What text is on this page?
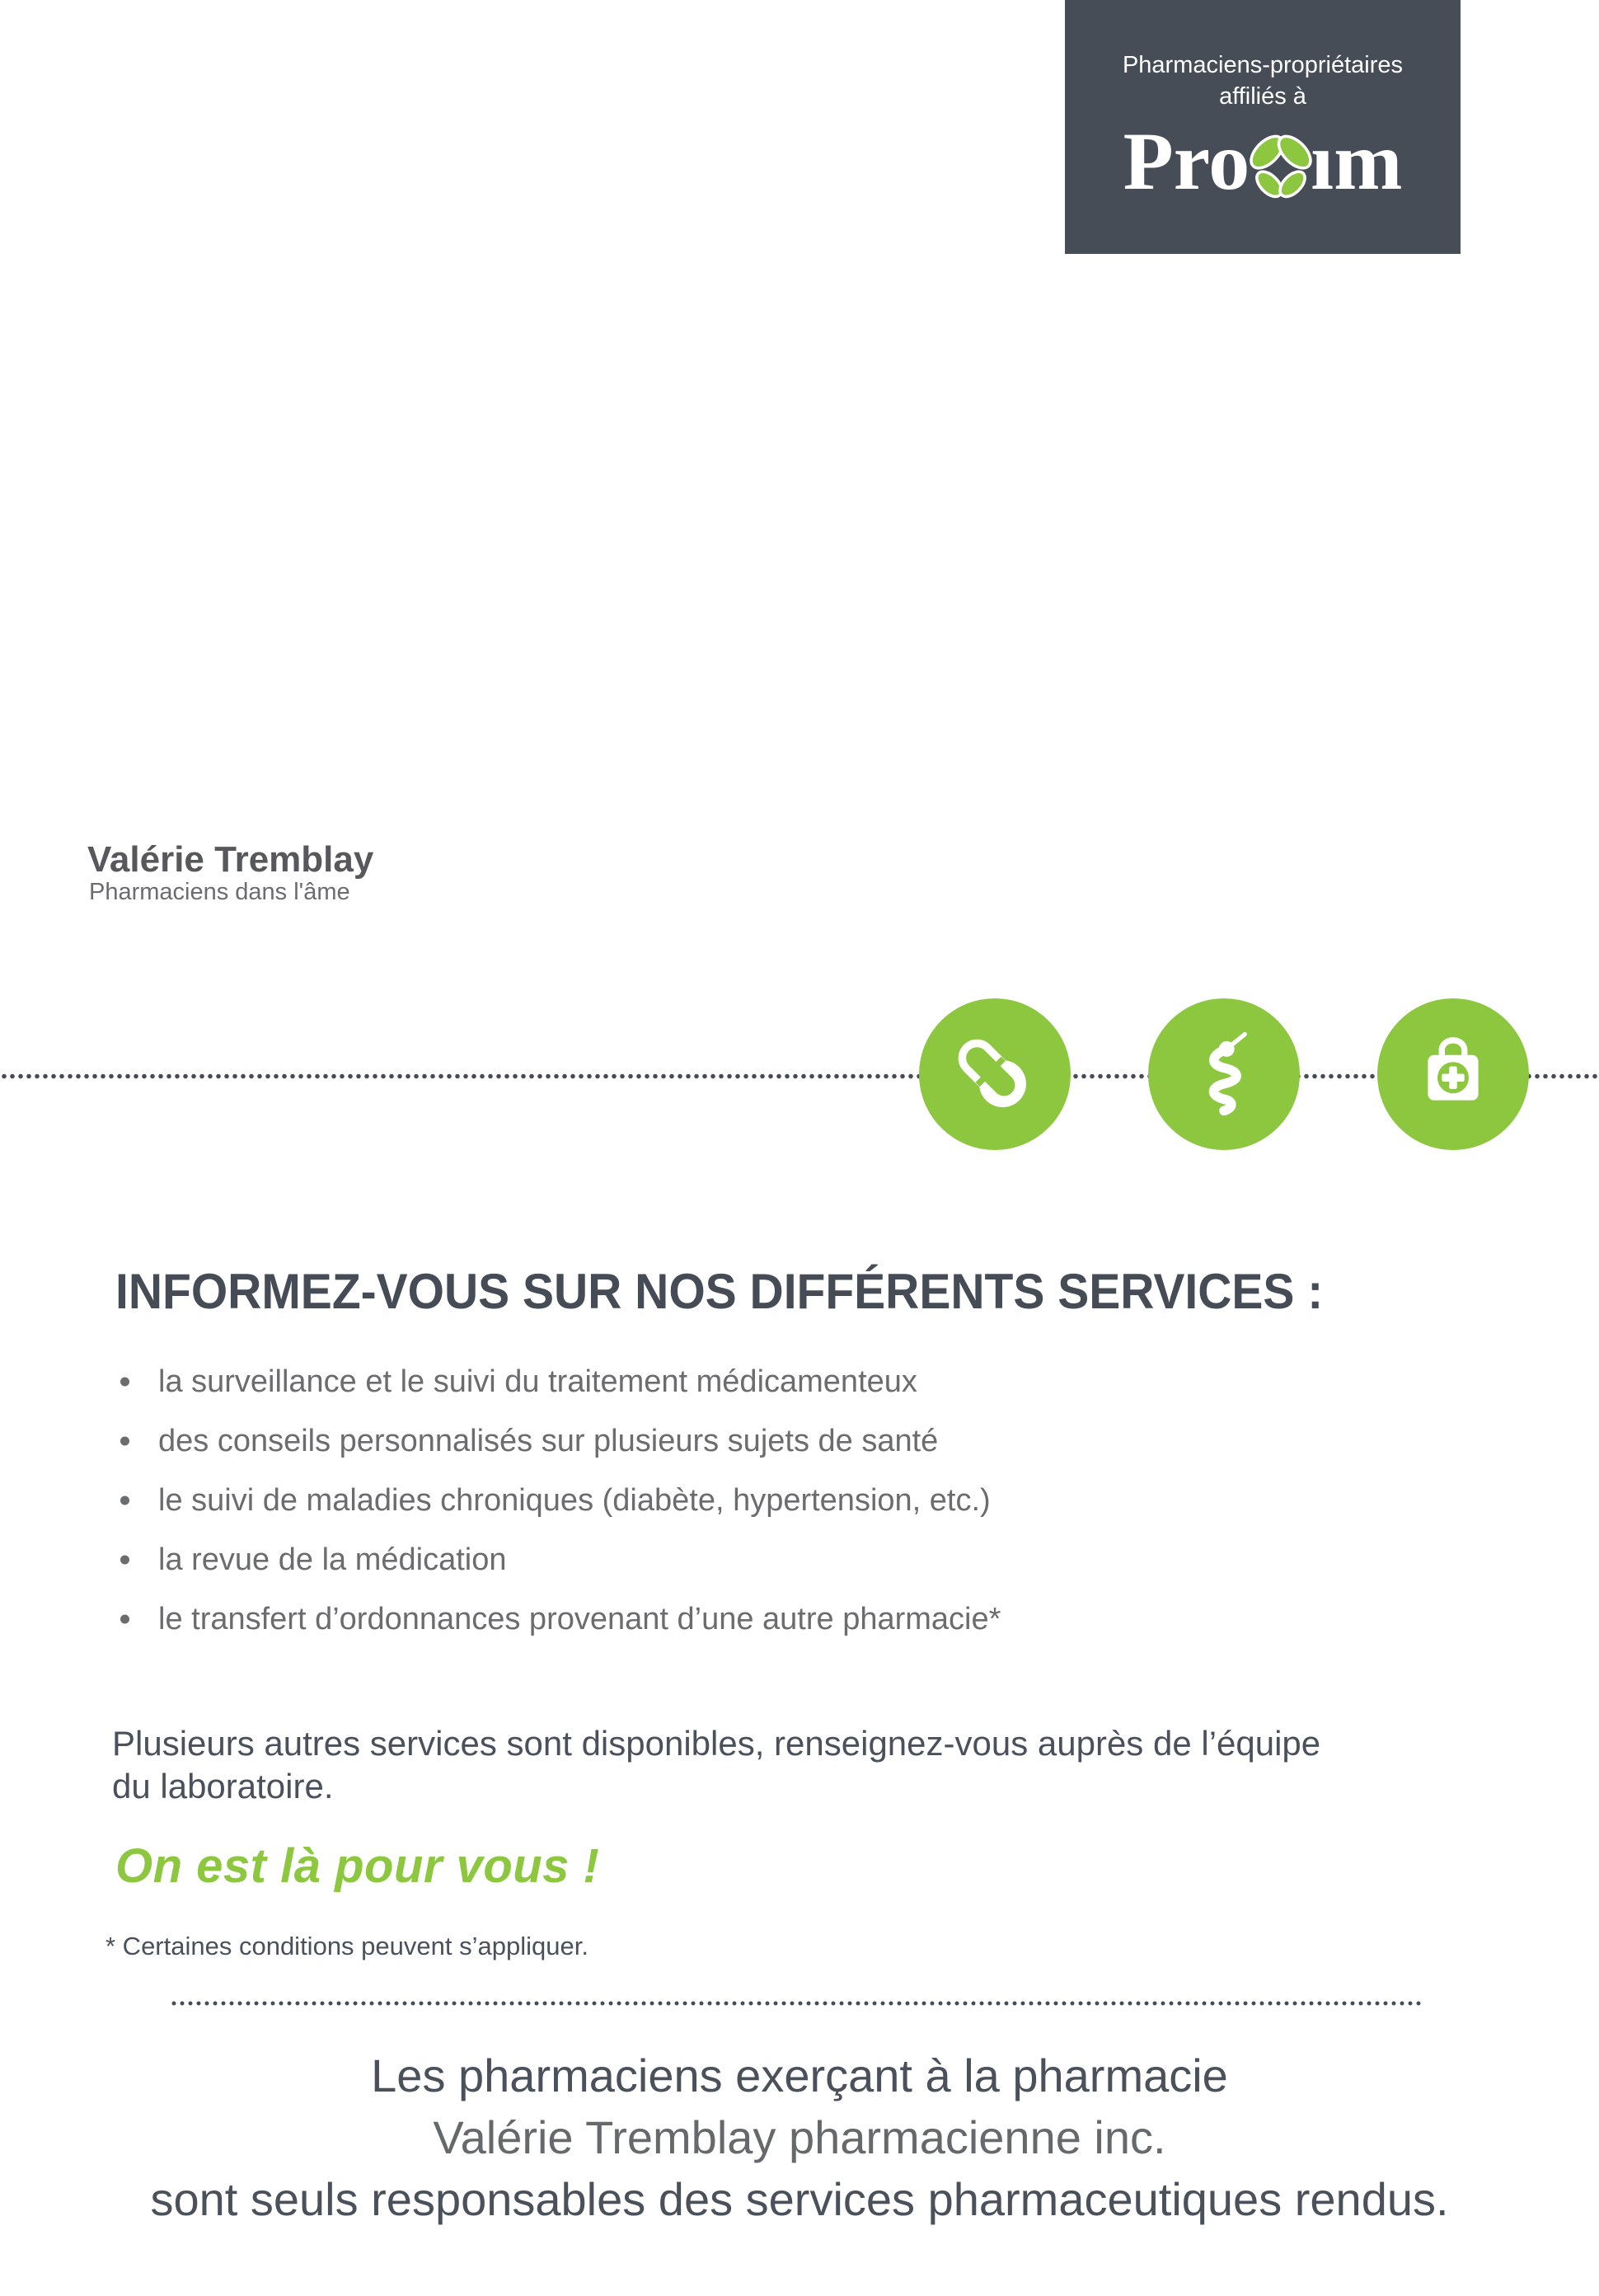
Pharmaciens-propriétaires
affiliés à
Pro ım
Valérie Tremblay
Pharmaciens dans l'âme
INFORMEZ-VOUS SUR NOS DIFFÉRENTS SERVICES :
la surveillance et le suivi du traitement médicamenteux
des conseils personnalisés sur plusieurs sujets de santé
le suivi de maladies chroniques (diabète, hypertension, etc.)
la revue de la médication
le transfert d’ordonnances provenant d’une autre pharmacie*
Plusieurs autres services sont disponibles, renseignez-vous auprès de l’équipe
du laboratoire.
On est là pour vous !
* Certaines conditions peuvent s’appliquer.
Les pharmaciens exerçant à la pharmacie
Valérie Tremblay pharmacienne inc.
sont seuls responsables des services pharmaceutiques rendus.
